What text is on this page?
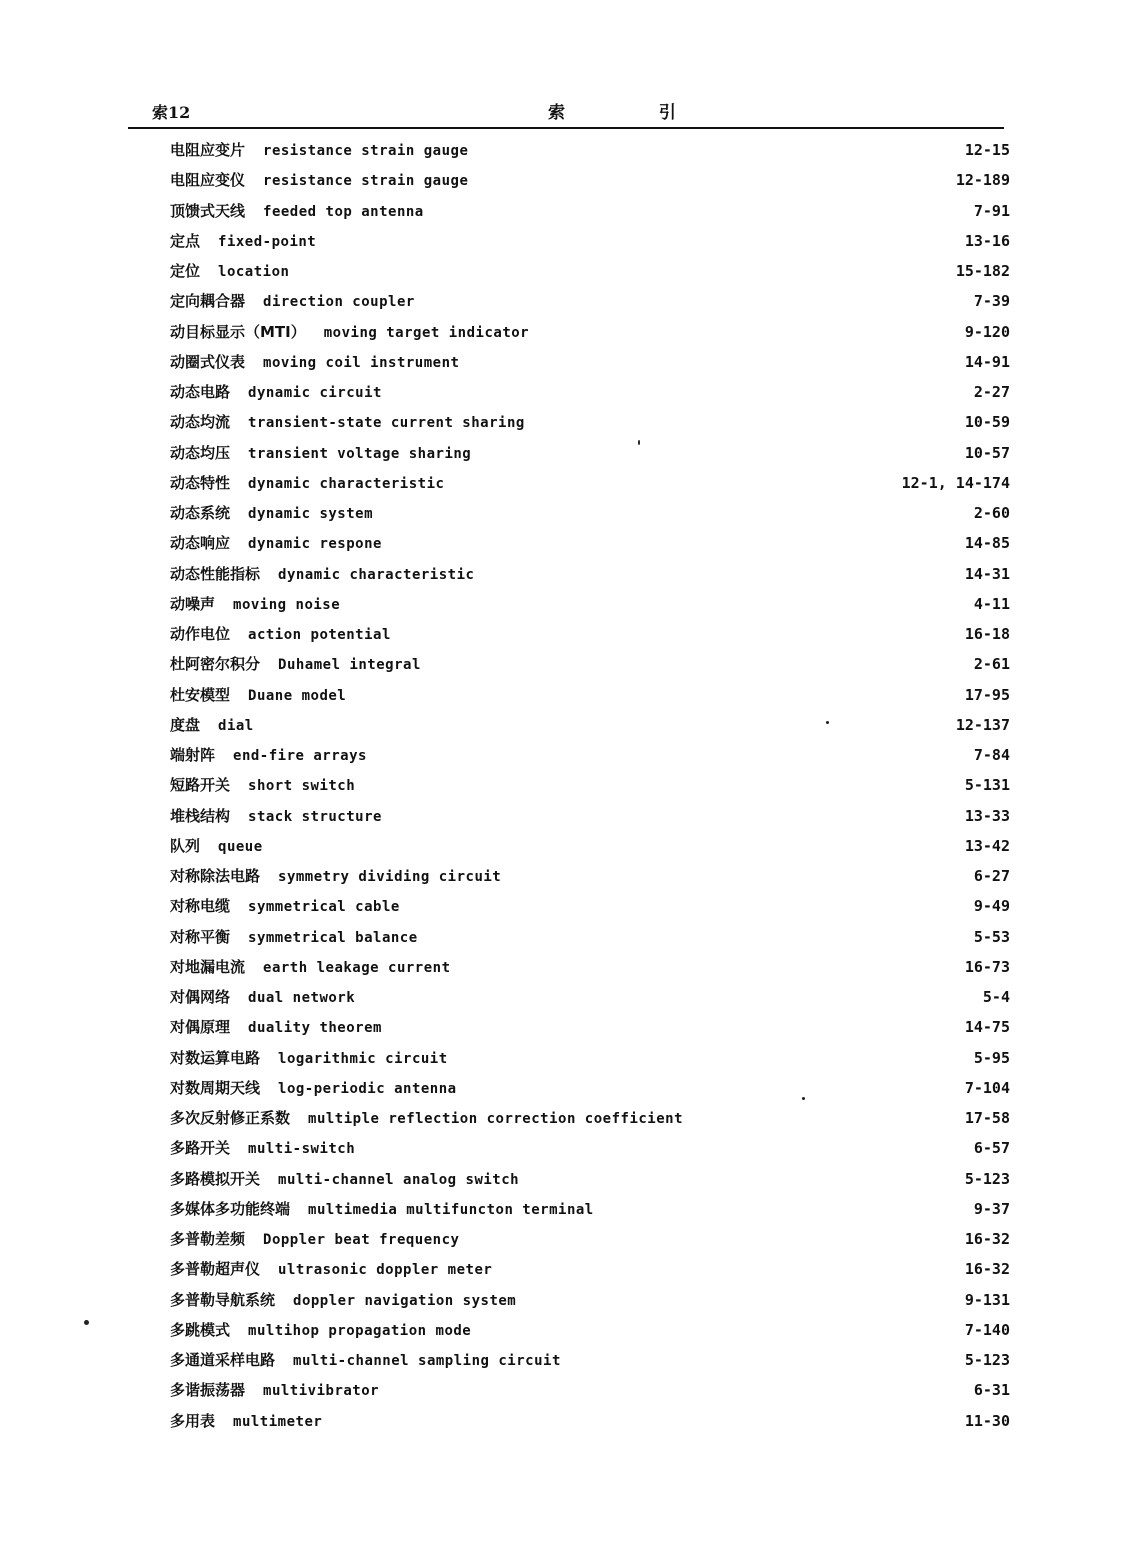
索12	索 引
电阻应变片 resistance strain gauge	12-15
电阻应变仪 resistance strain gauge	12-189
顶馈式天线 feeded top antenna	7-91
定点 fixed-point	13-16
定位 location	15-182
定向耦合器 direction coupler	7-39
动目标显示（MTI） moving target indicator	9-120
动圈式仪表 moving coil instrument	14-91
动态电路 dynamic circuit	2-27
动态均流 transient-state current sharing	10-59
动态均压 transient voltage sharing	10-57
动态特性 dynamic characteristic	12-1, 14-174
动态系统 dynamic system	2-60
动态响应 dynamic respone	14-85
动态性能指标 dynamic characteristic	14-31
动噪声 moving noise	4-11
动作电位 action potential	16-18
杜阿密尔积分 Duhamel integral	2-61
杜安模型 Duane model	17-95
度盘 dial	12-137
端射阵 end-fire arrays	7-84
短路开关 short switch	5-131
堆栈结构 stack structure	13-33
队列 queue	13-42
对称除法电路 symmetry dividing circuit	6-27
对称电缆 symmetrical cable	9-49
对称平衡 symmetrical balance	5-53
对地漏电流 earth leakage current	16-73
对偶网络 dual network	5-4
对偶原理 duality theorem	14-75
对数运算电路 logarithmic circuit	5-95
对数周期天线 log-periodic antenna	7-104
多次反射修正系数 multiple reflection correction coefficient	17-58
多路开关 multi-switch	6-57
多路模拟开关 multi-channel analog switch	5-123
多媒体多功能终端 multimedia multifuncton terminal	9-37
多普勒差频 Doppler beat frequency	16-32
多普勒超声仪 ultrasonic doppler meter	16-32
多普勒导航系统 doppler navigation system	9-131
多跳模式 multihop propagation mode	7-140
多通道采样电路 multi-channel sampling circuit	5-123
多谐振荡器 multivibrator	6-31
多用表 multimeter	11-30
